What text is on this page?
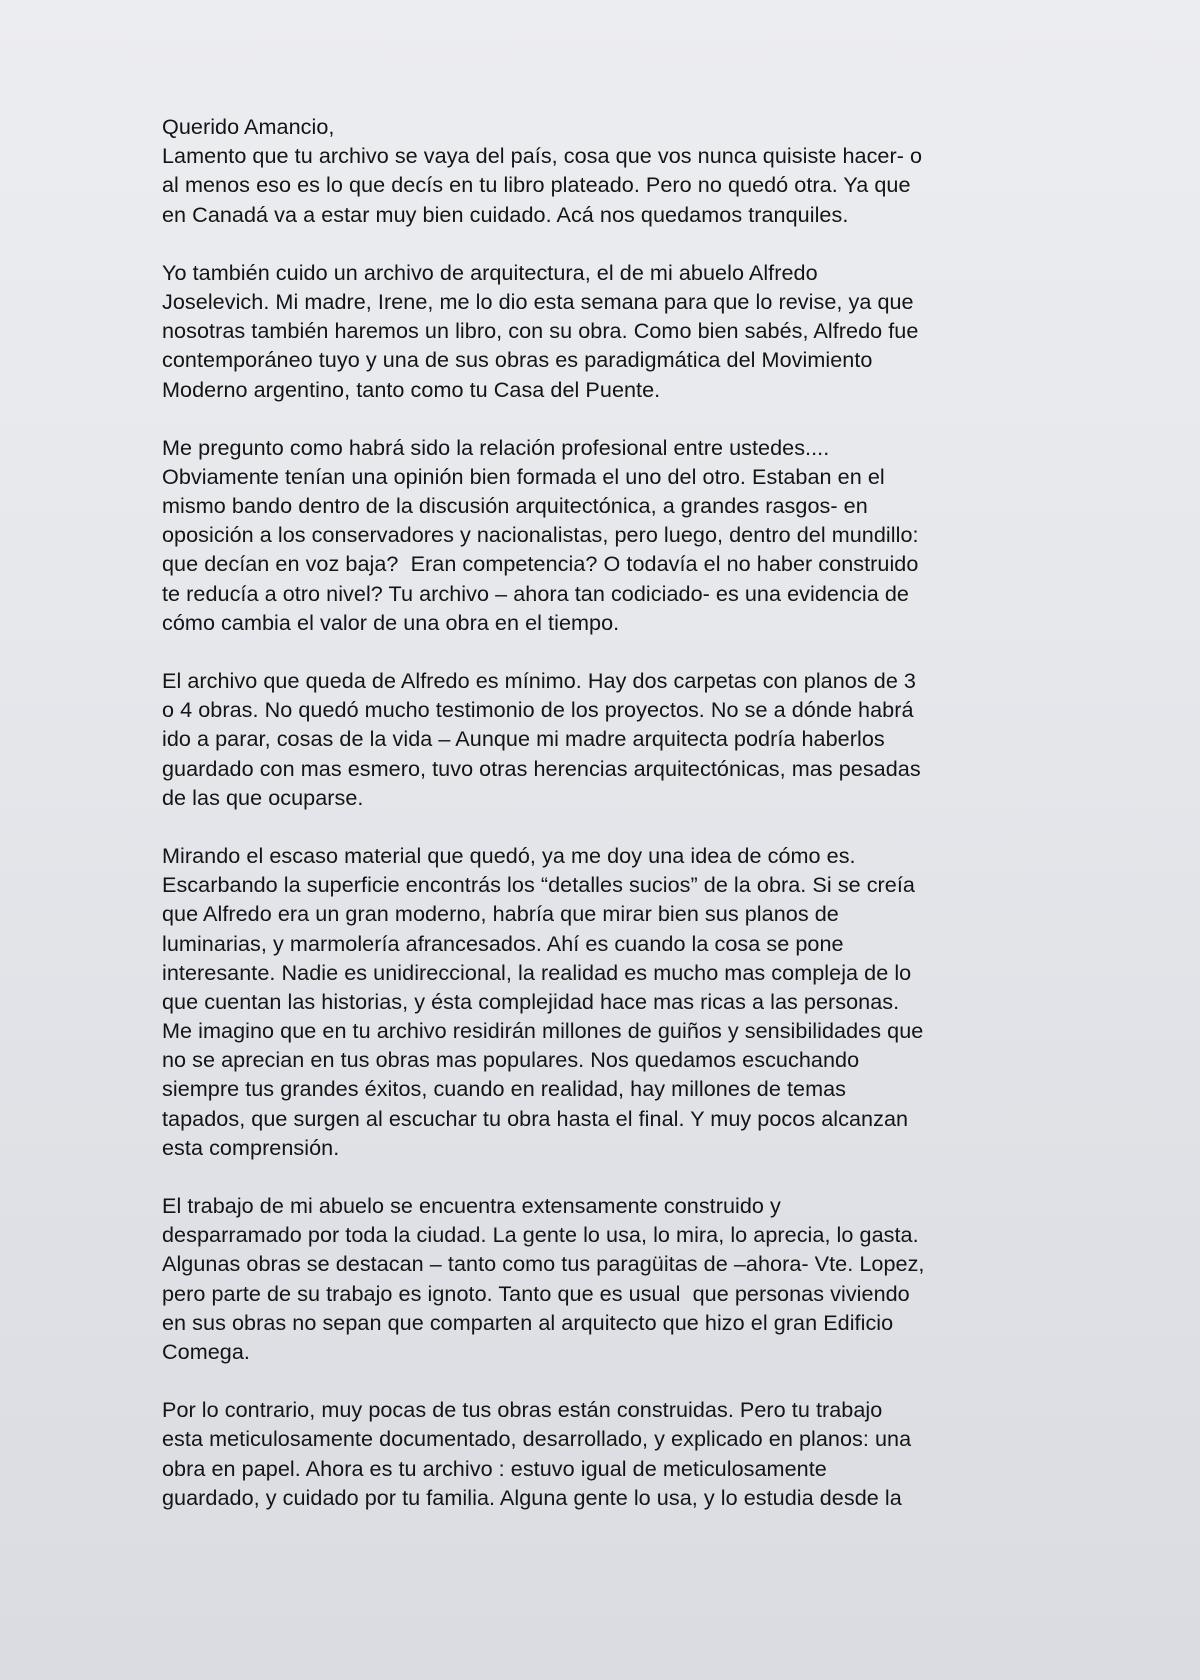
Querido Amancio,
Lamento que tu archivo se vaya del país, cosa que vos nunca quisiste hacer- o
al menos eso es lo que decís en tu libro plateado. Pero no quedó otra. Ya que
en Canadá va a estar muy bien cuidado. Acá nos quedamos tranquiles.
Yo también cuido un archivo de arquitectura, el de mi abuelo Alfredo
Joselevich. Mi madre, Irene, me lo dio esta semana para que lo revise, ya que
nosotras también haremos un libro, con su obra. Como bien sabés, Alfredo fue
contemporáneo tuyo y una de sus obras es paradigmática del Movimiento
Moderno argentino, tanto como tu Casa del Puente.
Me pregunto como habrá sido la relación profesional entre ustedes....
Obviamente tenían una opinión bien formada el uno del otro. Estaban en el
mismo bando dentro de la discusión arquitectónica, a grandes rasgos- en
oposición a los conservadores y nacionalistas, pero luego, dentro del mundillo:
que decían en voz baja?  Eran competencia? O todavía el no haber construido
te reducía a otro nivel? Tu archivo – ahora tan codiciado- es una evidencia de
cómo cambia el valor de una obra en el tiempo.
El archivo que queda de Alfredo es mínimo. Hay dos carpetas con planos de 3
o 4 obras. No quedó mucho testimonio de los proyectos. No se a dónde habrá
ido a parar, cosas de la vida – Aunque mi madre arquitecta podría haberlos
guardado con mas esmero, tuvo otras herencias arquitectónicas, mas pesadas
de las que ocuparse.
Mirando el escaso material que quedó, ya me doy una idea de cómo es.
Escarbando la superficie encontrás los “detalles sucios” de la obra. Si se creía
que Alfredo era un gran moderno, habría que mirar bien sus planos de
luminarias, y marmolería afrancesados. Ahí es cuando la cosa se pone
interesante. Nadie es unidireccional, la realidad es mucho mas compleja de lo
que cuentan las historias, y ésta complejidad hace mas ricas a las personas.
Me imagino que en tu archivo residirán millones de guiños y sensibilidades que
no se aprecian en tus obras mas populares. Nos quedamos escuchando
siempre tus grandes éxitos, cuando en realidad, hay millones de temas
tapados, que surgen al escuchar tu obra hasta el final. Y muy pocos alcanzan
esta comprensión.
El trabajo de mi abuelo se encuentra extensamente construido y
desparramado por toda la ciudad. La gente lo usa, lo mira, lo aprecia, lo gasta.
Algunas obras se destacan – tanto como tus paragüitas de –ahora- Vte. Lopez,
pero parte de su trabajo es ignoto. Tanto que es usual  que personas viviendo
en sus obras no sepan que comparten al arquitecto que hizo el gran Edificio
Comega.
Por lo contrario, muy pocas de tus obras están construidas. Pero tu trabajo
esta meticulosamente documentado, desarrollado, y explicado en planos: una
obra en papel. Ahora es tu archivo : estuvo igual de meticulosamente
guardado, y cuidado por tu familia. Alguna gente lo usa, y lo estudia desde la
